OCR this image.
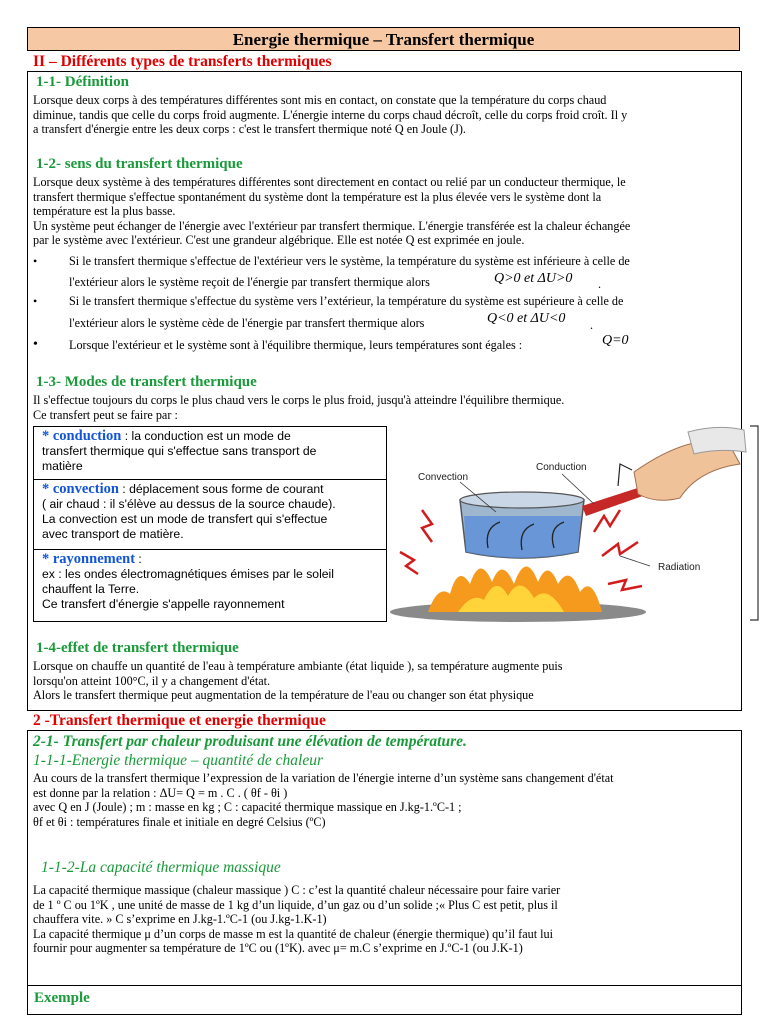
Energie thermique – Transfert thermique
II – Différents types de transferts thermiques
1-1- Définition
Lorsque deux corps à des températures différentes sont mis en contact, on constate que la température du corps chaud
diminue, tandis que celle du corps froid augmente. L'énergie interne du corps chaud décroît, celle du corps froid croît. Il y
a transfert d'énergie entre les deux corps : c'est le transfert thermique noté Q en Joule (J).
1-2- sens du transfert thermique
Lorsque deux système à des températures différentes sont directement en contact ou relié par un conducteur thermique, le
transfert thermique s'effectue spontanément du système dont la température est la plus élevée vers le système dont la
température est la plus basse.
Un système peut échanger de l'énergie avec l'extérieur par transfert thermique. L'énergie transférée est la chaleur échangée
par le système avec l'extérieur. C'est une grandeur algébrique. Elle est notée Q est exprimée en joule.
•	Si le transfert thermique s'effectue de l'extérieur vers le système, la température du système est inférieure à celle de
l'extérieur alors le système reçoit de l'énergie par transfert thermique alors	Q>0 et ΔU>0 .
•	Si le transfert thermique s'effectue du système vers l’extérieur, la température du système est supérieure à celle de
l'extérieur alors le système cède de l'énergie par transfert thermique alors	Q<0 et ΔU<0 .
•	Lorsque l'extérieur et le système sont à l'équilibre thermique, leurs températures sont égales :	Q=0
1-3- Modes de transfert thermique
Il s'effectue toujours du corps le plus chaud vers le corps le plus froid, jusqu'à atteindre l'équilibre thermique.
Ce transfert peut se faire par :
* conduction : la conduction est un mode de
transfert thermique qui s'effectue sans transport de
matière
* convection : déplacement sous forme de courant
( air chaud : il s'élève au dessus de la source chaude).
La convection est un mode de transfert qui s'effectue
avec transport de matière.
* rayonnement :
ex : les ondes électromagnétiques émises par le soleil
chauffent la Terre.
Ce transfert d'énergie s'appelle rayonnement
Convection
Conduction
Radiation
1-4-effet de transfert thermique
Lorsque on chauffe un quantité de l'eau à température ambiante (état liquide ), sa température augmente puis
lorsqu'on atteint 100°C, il y a changement d'état.
Alors le transfert thermique peut augmentation de la température de l'eau ou changer son état physique
2 -Transfert thermique et energie thermique
2-1- Transfert par chaleur produisant une élévation de température.
1-1-1-Energie thermique – quantité de chaleur
Au cours de la transfert thermique l’expression de la variation de l'énergie interne d’un système sans changement d'état
est donne par la relation : ΔU= Q = m . C . ( θf - θi )
avec Q en J (Joule) ; m : masse en kg ; C : capacité thermique massique en J.kg-1.ºC-1 ;
θf et θi : températures finale et initiale en degré Celsius (ºC)
1-1-2-La capacité thermique massique
La capacité thermique massique (chaleur massique ) C : c’est la quantité chaleur nécessaire pour faire varier
de 1 º C ou 1ºK , une unité de masse de 1 kg d’un liquide, d’un gaz ou d’un solide ;« Plus C est petit, plus il
chauffera vite. » C s’exprime en J.kg-1.ºC-1 (ou J.kg-1.K-1)
La capacité thermique μ d’un corps de masse m est la quantité de chaleur (énergie thermique) qu’il faut lui
fournir pour augmenter sa température de 1ºC ou (1ºK). avec μ= m.C s’exprime en J.ºC-1 (ou J.K-1)
Exemple
